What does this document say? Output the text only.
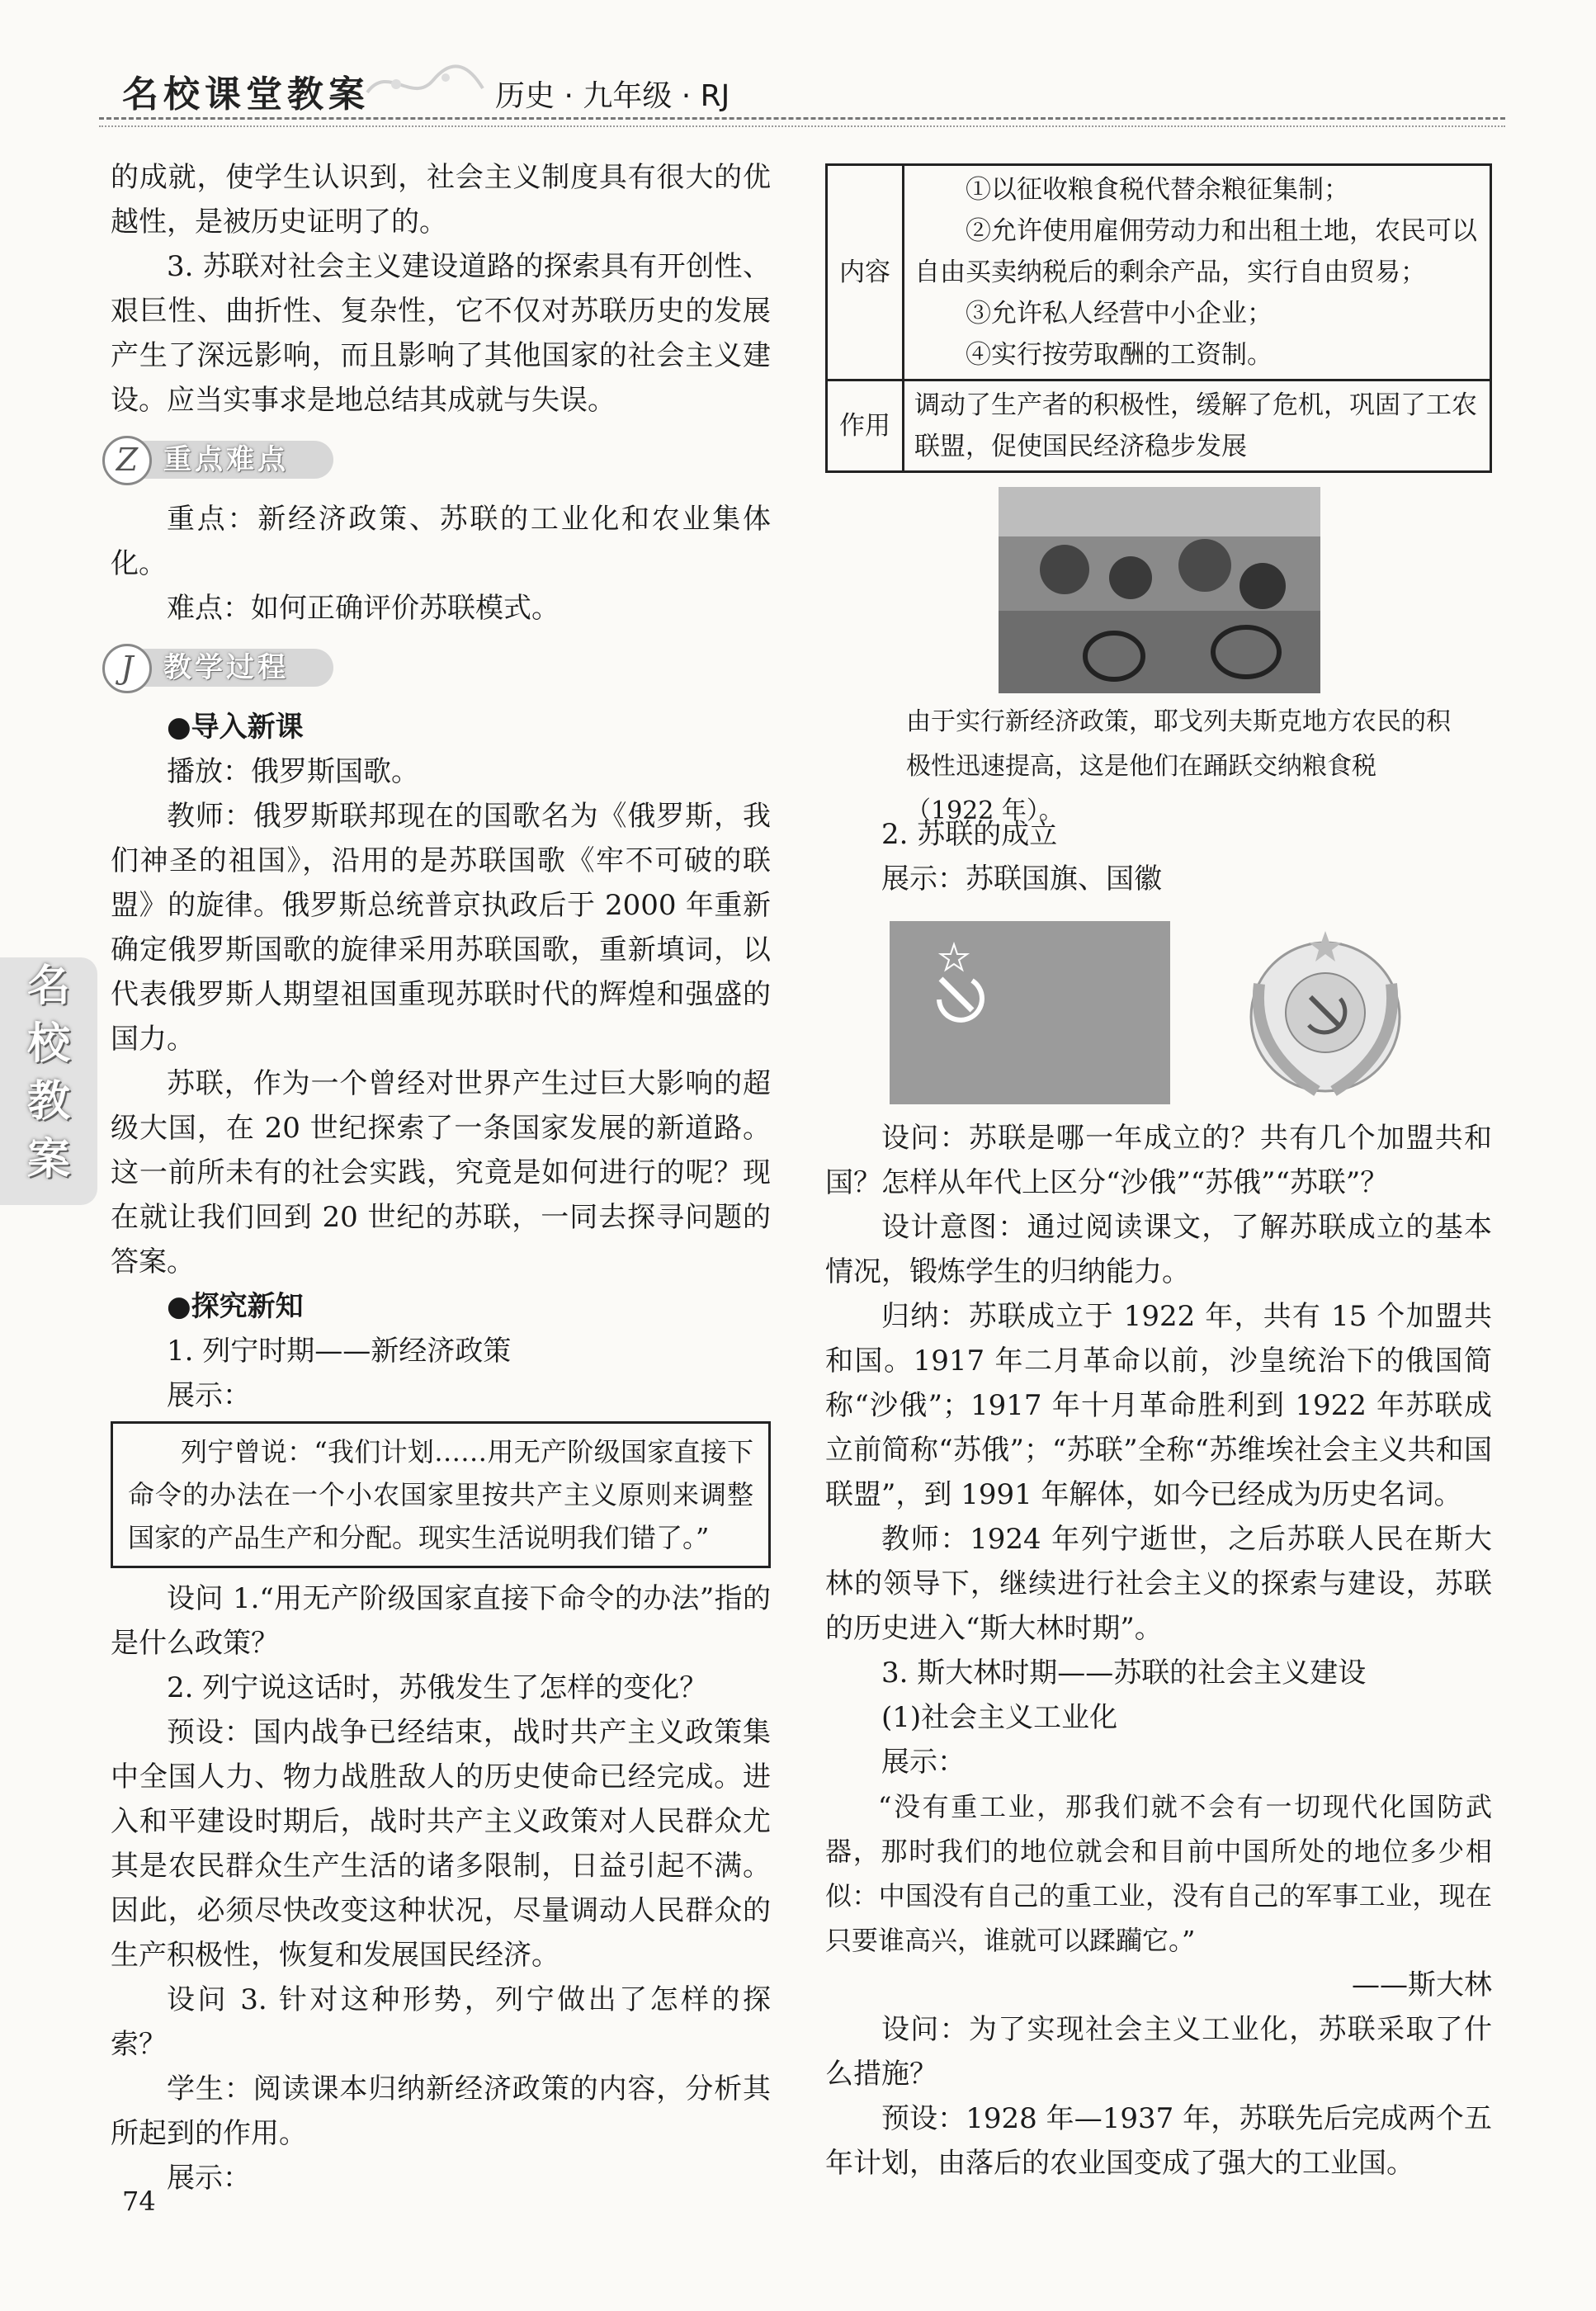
名校课堂教案	历史 · 九年级 · RJ
名
校
教
案

的成就，使学生认识到，社会主义制度具有很大的优越性，是被历史证明了的。

3. 苏联对社会主义建设道路的探索具有开创性、艰巨性、曲折性、复杂性，它不仅对苏联历史的发展产生了深远影响，而且影响了其他国家的社会主义建设。应当实事求是地总结其成就与失误。

Z 重点难点

重点：新经济政策、苏联的工业化和农业集体化。

难点：如何正确评价苏联模式。

J	教学过程

●导入新课

播放：俄罗斯国歌。

教师：俄罗斯联邦现在的国歌名为《俄罗斯，我们神圣的祖国》，沿用的是苏联国歌《牢不可破的联盟》的旋律。俄罗斯总统普京执政后于 2000 年重新确定俄罗斯国歌的旋律采用苏联国歌，重新填词，以代表俄罗斯人期望祖国重现苏联时代的辉煌和强盛的国力。

苏联，作为一个曾经对世界产生过巨大影响的超级大国，在 20 世纪探索了一条国家发展的新道路。这一前所未有的社会实践，究竟是如何进行的呢？现在就让我们回到 20 世纪的苏联，一同去探寻问题的答案。

●探究新知

1. 列宁时期——新经济政策

展示：

列宁曾说：“我们计划……用无产阶级国家直接下命令的办法在一个小农国家里按共产主义原则来调整国家的产品生产和分配。现实生活说明我们错了。”

设问 1.“用无产阶级国家直接下命令的办法”指的是什么政策？

2. 列宁说这话时，苏俄发生了怎样的变化？

预设：国内战争已经结束，战时共产主义政策集中全国人力、物力战胜敌人的历史使命已经完成。进入和平建设时期后，战时共产主义政策对人民群众尤其是农民群众生产生活的诸多限制，日益引起不满。因此，必须尽快改变这种状况，尽量调动人民群众的生产积极性，恢复和发展国民经济。

设问 3. 针对这种形势，列宁做出了怎样的探索？

学生：阅读课本归纳新经济政策的内容，分析其所起到的作用。

展示：

74
内容	①以征收粮食税代替余粮征集制；
②允许使用雇佣劳动力和出租土地，农民可以自由买卖纳税后的剩余产品，实行自由贸易；
③允许私人经营中小企业；
④实行按劳取酬的工资制。

作用	调动了生产者的积极性，缓解了危机，巩固了工农联盟，促使国民经济稳步发展
由于实行新经济政策，耶戈列夫斯克地方农民的积极性迅速提高，这是他们在踊跃交纳粮食税（1922 年）。

2. 苏联的成立

展示：苏联国旗、国徽

设问：苏联是哪一年成立的？共有几个加盟共和国？怎样从年代上区分“沙俄”“苏俄”“苏联”？

设计意图：通过阅读课文，了解苏联成立的基本情况，锻炼学生的归纳能力。

归纳：苏联成立于 1922 年，共有 15 个加盟共和国。1917 年二月革命以前，沙皇统治下的俄国简称“沙俄”；1917 年十月革命胜利到 1922 年苏联成立前简称“苏俄”；“苏联”全称“苏维埃社会主义共和国联盟”，到 1991 年解体，如今已经成为历史名词。

教师：1924 年列宁逝世，之后苏联人民在斯大林的领导下，继续进行社会主义的探索与建设，苏联的历史进入“斯大林时期”。

3. 斯大林时期——苏联的社会主义建设

(1)社会主义工业化

展示：

“没有重工业，那我们就不会有一切现代化国防武器，那时我们的地位就会和目前中国所处的地位多少相似：中国没有自己的重工业，没有自己的军事工业，现在只要谁高兴，谁就可以蹂躏它。”

——斯大林

设问：为了实现社会主义工业化，苏联采取了什么措施？

预设：1928 年—1937 年，苏联先后完成两个五年计划，由落后的农业国变成了强大的工业国。
